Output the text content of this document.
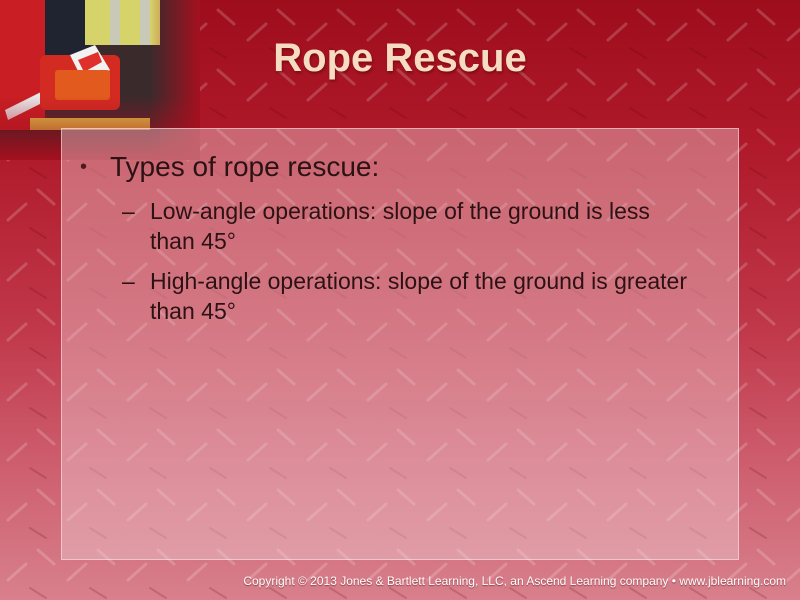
Rope Rescue
• Types of rope rescue:
– Low-angle operations: slope of the ground is less than 45°
– High-angle operations: slope of the ground is greater than 45°
Copyright © 2013 Jones & Bartlett Learning, LLC, an Ascend Learning company • www.jblearning.com
